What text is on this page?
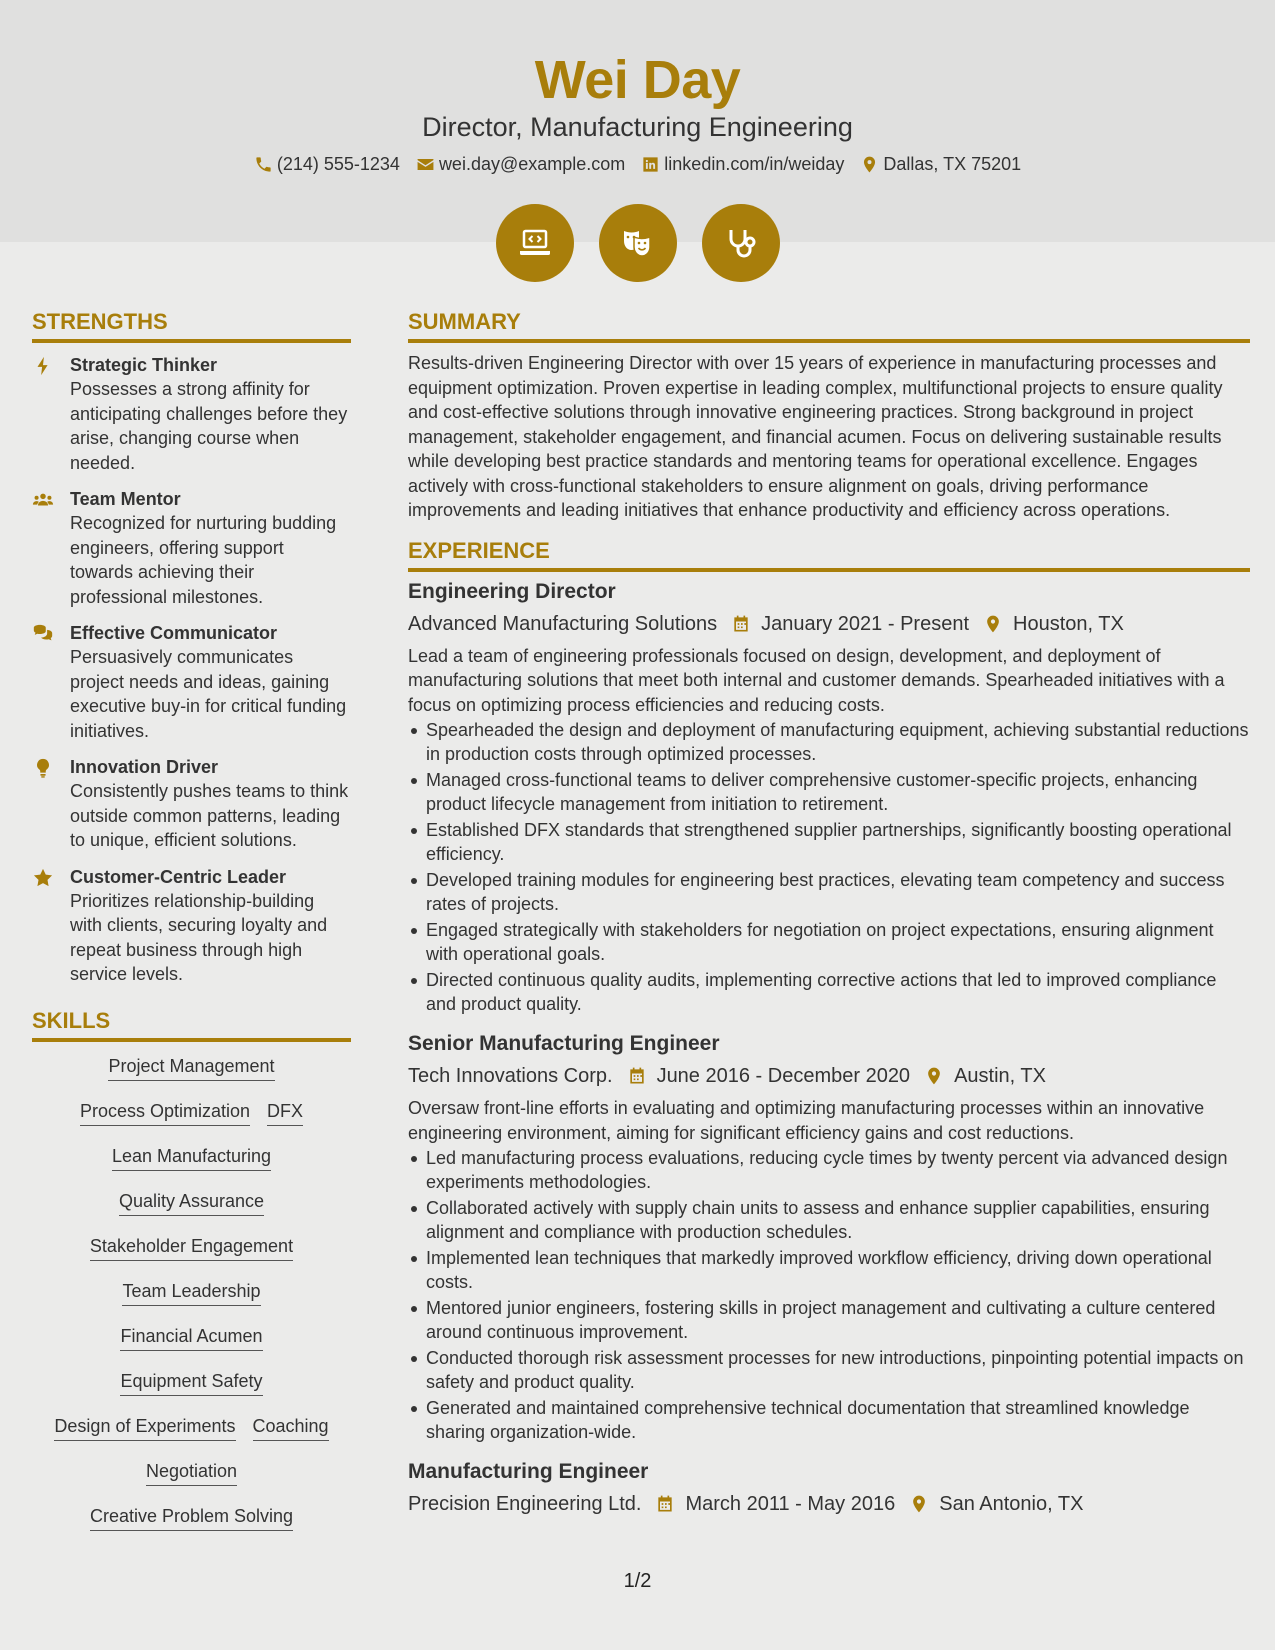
Wei Day
Director, Manufacturing Engineering
(214) 555-1234 wei.day@example.com linkedin.com/in/weiday Dallas, TX 75201
STRENGTHS
Strategic Thinker
Possesses a strong affinity for anticipating challenges before they arise, changing course when needed.
Team Mentor
Recognized for nurturing budding engineers, offering support towards achieving their professional milestones.
Effective Communicator
Persuasively communicates project needs and ideas, gaining executive buy-in for critical funding initiatives.
Innovation Driver
Consistently pushes teams to think outside common patterns, leading to unique, efficient solutions.
Customer-Centric Leader
Prioritizes relationship-building with clients, securing loyalty and repeat business through high service levels.
SKILLS
Project Management
Process Optimization DFX
Lean Manufacturing
Quality Assurance
Stakeholder Engagement
Team Leadership
Financial Acumen
Equipment Safety
Design of Experiments Coaching
Negotiation
Creative Problem Solving
SUMMARY
Results-driven Engineering Director with over 15 years of experience in manufacturing processes and equipment optimization. Proven expertise in leading complex, multifunctional projects to ensure quality and cost-effective solutions through innovative engineering practices. Strong background in project management, stakeholder engagement, and financial acumen. Focus on delivering sustainable results while developing best practice standards and mentoring teams for operational excellence. Engages actively with cross-functional stakeholders to ensure alignment on goals, driving performance improvements and leading initiatives that enhance productivity and efficiency across operations.
EXPERIENCE
Engineering Director
Advanced Manufacturing Solutions January 2021 - Present Houston, TX
Lead a team of engineering professionals focused on design, development, and deployment of manufacturing solutions that meet both internal and customer demands. Spearheaded initiatives with a focus on optimizing process efficiencies and reducing costs.
Spearheaded the design and deployment of manufacturing equipment, achieving substantial reductions in production costs through optimized processes.
Managed cross-functional teams to deliver comprehensive customer-specific projects, enhancing product lifecycle management from initiation to retirement.
Established DFX standards that strengthened supplier partnerships, significantly boosting operational efficiency.
Developed training modules for engineering best practices, elevating team competency and success rates of projects.
Engaged strategically with stakeholders for negotiation on project expectations, ensuring alignment with operational goals.
Directed continuous quality audits, implementing corrective actions that led to improved compliance and product quality.
Senior Manufacturing Engineer
Tech Innovations Corp. June 2016 - December 2020 Austin, TX
Oversaw front-line efforts in evaluating and optimizing manufacturing processes within an innovative engineering environment, aiming for significant efficiency gains and cost reductions.
Led manufacturing process evaluations, reducing cycle times by twenty percent via advanced design experiments methodologies.
Collaborated actively with supply chain units to assess and enhance supplier capabilities, ensuring alignment and compliance with production schedules.
Implemented lean techniques that markedly improved workflow efficiency, driving down operational costs.
Mentored junior engineers, fostering skills in project management and cultivating a culture centered around continuous improvement.
Conducted thorough risk assessment processes for new introductions, pinpointing potential impacts on safety and product quality.
Generated and maintained comprehensive technical documentation that streamlined knowledge sharing organization-wide.
Manufacturing Engineer
Precision Engineering Ltd. March 2011 - May 2016 San Antonio, TX
1/2
